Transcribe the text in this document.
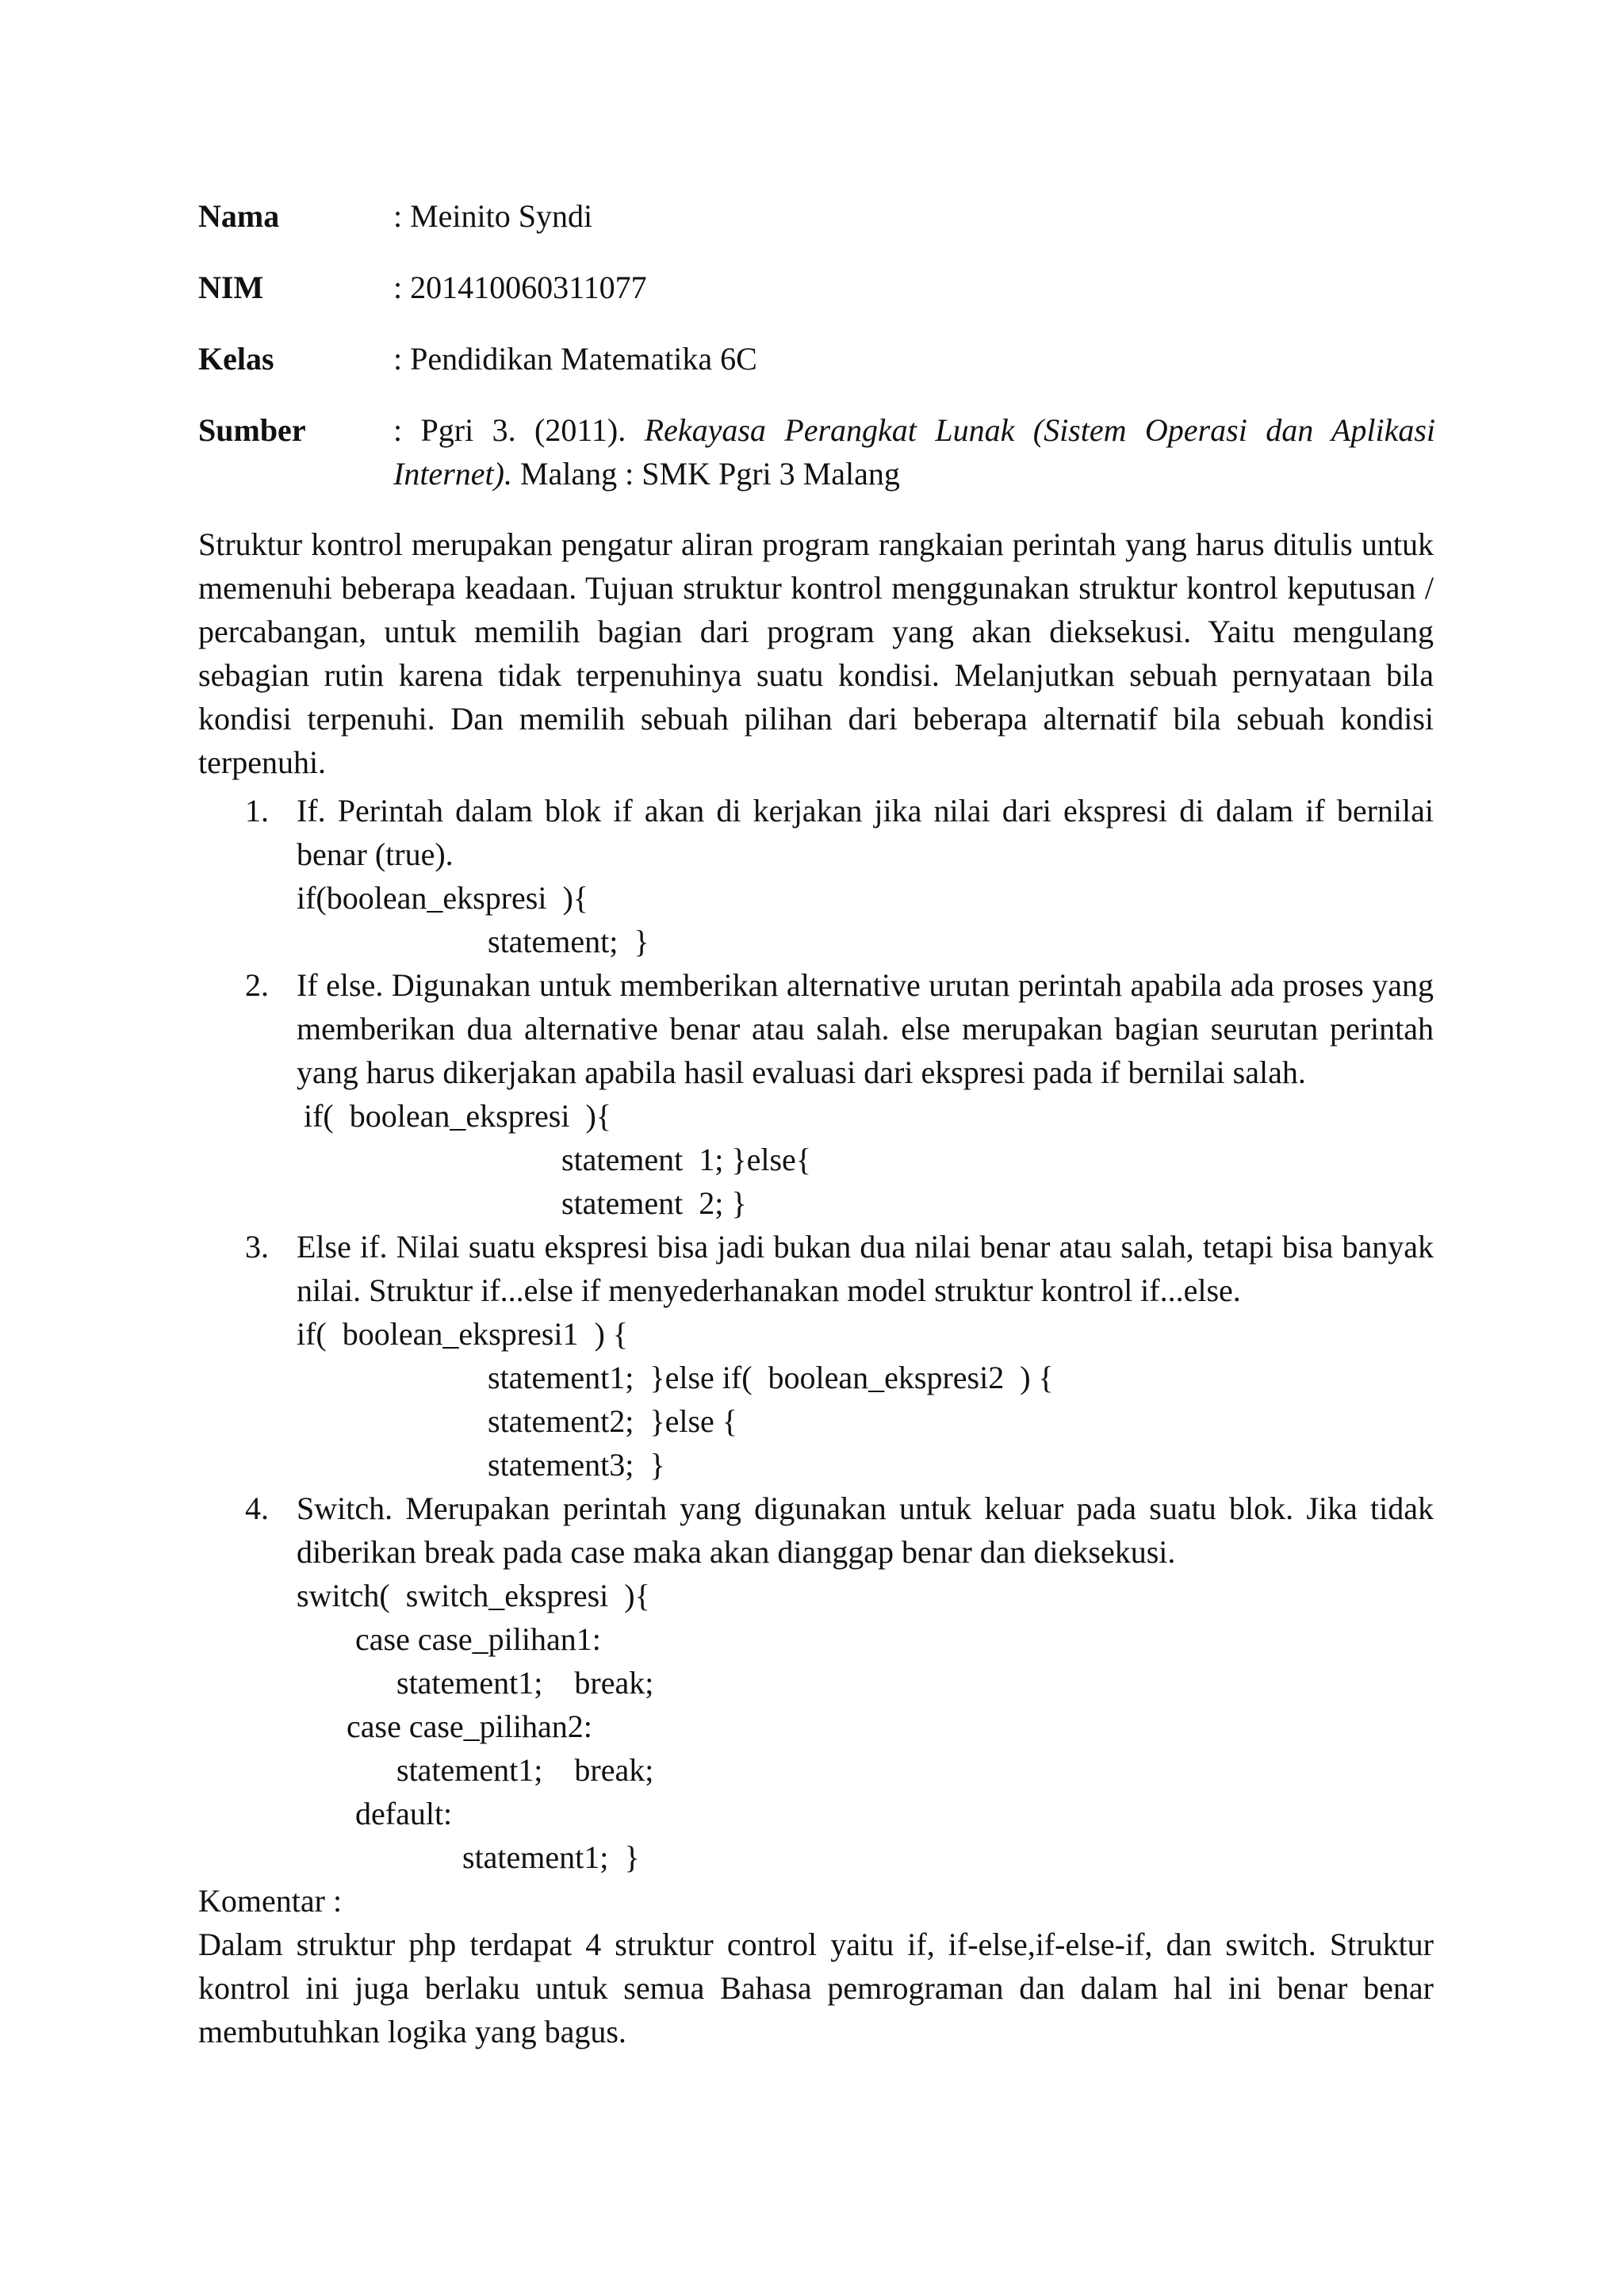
Nama	: Meinito Syndi
NIM	: 201410060311077
Kelas	: Pendidikan Matematika 6C
Sumber	: Pgri 3. (2011). Rekayasa Perangkat Lunak (Sistem Operasi dan Aplikasi Internet). Malang : SMK Pgri 3 Malang
Struktur kontrol merupakan pengatur aliran program rangkaian perintah yang harus ditulis untuk memenuhi beberapa keadaan. Tujuan struktur kontrol menggunakan struktur kontrol keputusan / percabangan, untuk memilih bagian dari program yang akan dieksekusi. Yaitu mengulang sebagian rutin karena tidak terpenuhinya suatu kondisi. Melanjutkan sebuah pernyataan bila kondisi terpenuhi. Dan memilih sebuah pilihan dari beberapa alternatif bila sebuah kondisi terpenuhi.
1. If. Perintah dalam blok if akan di kerjakan jika nilai dari ekspresi di dalam if bernilai benar (true).
if(boolean_ekspresi  ){
statement;  }
2. If else. Digunakan untuk memberikan alternative urutan perintah apabila ada proses yang memberikan dua alternative benar atau salah. else merupakan bagian seurutan perintah yang harus dikerjakan apabila hasil evaluasi dari ekspresi pada if bernilai salah.
if(  boolean_ekspresi  ){
statement  1; }else{
statement  2; }
3. Else if. Nilai suatu ekspresi bisa jadi bukan dua nilai benar atau salah, tetapi bisa banyak nilai. Struktur if...else if menyederhanakan model struktur kontrol if...else.
if(  boolean_ekspresi1  ) {
statement1;  }else if(  boolean_ekspresi2  ) {
statement2;  }else {
statement3;  }
4. Switch. Merupakan perintah yang digunakan untuk keluar pada suatu blok. Jika tidak diberikan break pada case maka akan dianggap benar dan dieksekusi.
switch(  switch_ekspresi  ){
case case_pilihan1:
statement1;    break;
case case_pilihan2:
statement1;    break;
default:
statement1;  }
Komentar :
Dalam struktur php terdapat 4 struktur control yaitu if, if-else,if-else-if, dan switch. Struktur kontrol ini juga berlaku untuk semua Bahasa pemrograman dan dalam hal ini benar benar membutuhkan logika yang bagus.
